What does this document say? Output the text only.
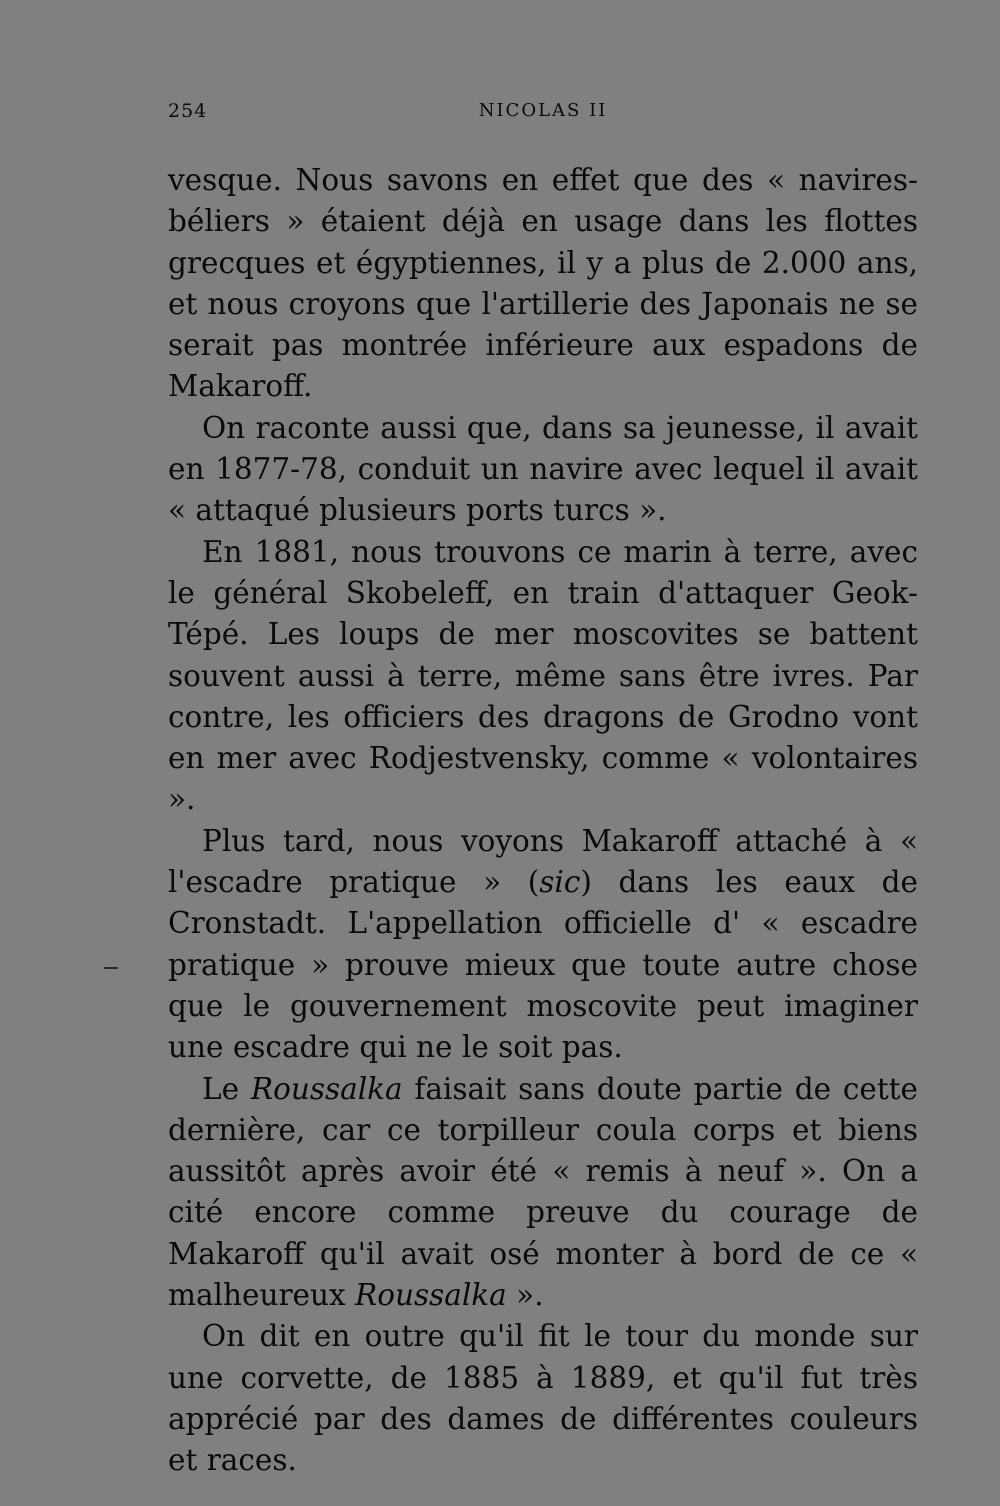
254	NICOLAS II

vesque. Nous savons en effet que des « navires-béliers » étaient déjà en usage dans les flottes grecques et égyptiennes, il y a plus de 2.000 ans, et nous croyons que l'artillerie des Japonais ne se serait pas montrée inférieure aux espadons de Makaroff.

On raconte aussi que, dans sa jeunesse, il avait en 1877-78, conduit un navire avec lequel il avait « attaqué plusieurs ports turcs ».

En 1881, nous trouvons ce marin à terre, avec le général Skobeleff, en train d'attaquer Geok-Tépé. Les loups de mer moscovites se battent souvent aussi à terre, même sans être ivres. Par contre, les officiers des dragons de Grodno vont en mer avec Rodjestvensky, comme « volontaires ».

Plus tard, nous voyons Makaroff attaché à « l'escadre pratique » (sic) dans les eaux de Cronstadt. L'appellation officielle d' « escadre pratique » prouve mieux que toute autre chose que le gouvernement moscovite peut imaginer une escadre qui ne le soit pas.

Le Roussalka faisait sans doute partie de cette dernière, car ce torpilleur coula corps et biens aussitôt après avoir été « remis à neuf ». On a cité encore comme preuve du courage de Makaroff qu'il avait osé monter à bord de ce « malheureux Roussalka ».

On dit en outre qu'il fit le tour du monde sur une corvette, de 1885 à 1889, et qu'il fut très apprécié par des dames de différentes couleurs et races.
